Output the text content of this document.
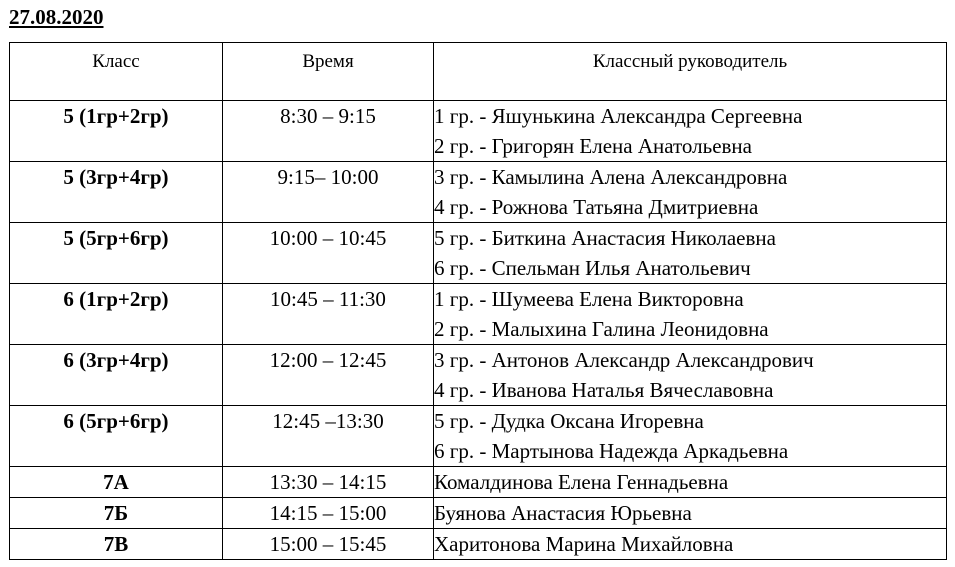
27.08.2020
Класс	Время	Классный руководитель
5 (1гр+2гр)	8:30 – 9:15	1 гр. - Яшунькина Александра Сергеевна
2 гр. - Григорян Елена Анатольевна

5 (3гр+4гр)	9:15– 10:00	3 гр. - Камылина Алена Александровна
4 гр. - Рожнова Татьяна Дмитриевна

5 (5гр+6гр)	10:00 – 10:45	5 гр. - Биткина Анастасия Николаевна
6 гр. - Спельман Илья Анатольевич

6 (1гр+2гр)	10:45 – 11:30	1 гр. - Шумеева Елена Викторовна
2 гр. - Малыхина Галина Леонидовна

6 (3гр+4гр)	12:00 – 12:45	3 гр. - Антонов Александр Александрович
4 гр. - Иванова Наталья Вячеславовна

6 (5гр+6гр)	12:45 –13:30	5 гр. - Дудка Оксана Игоревна
6 гр. - Мартынова Надежда Аркадьевна

7А	13:30 – 14:15	Комалдинова Елена Геннадьевна

7Б	14:15 – 15:00	Буянова Анастасия Юрьевна

7В	15:00 – 15:45	Харитонова Марина Михайловна
